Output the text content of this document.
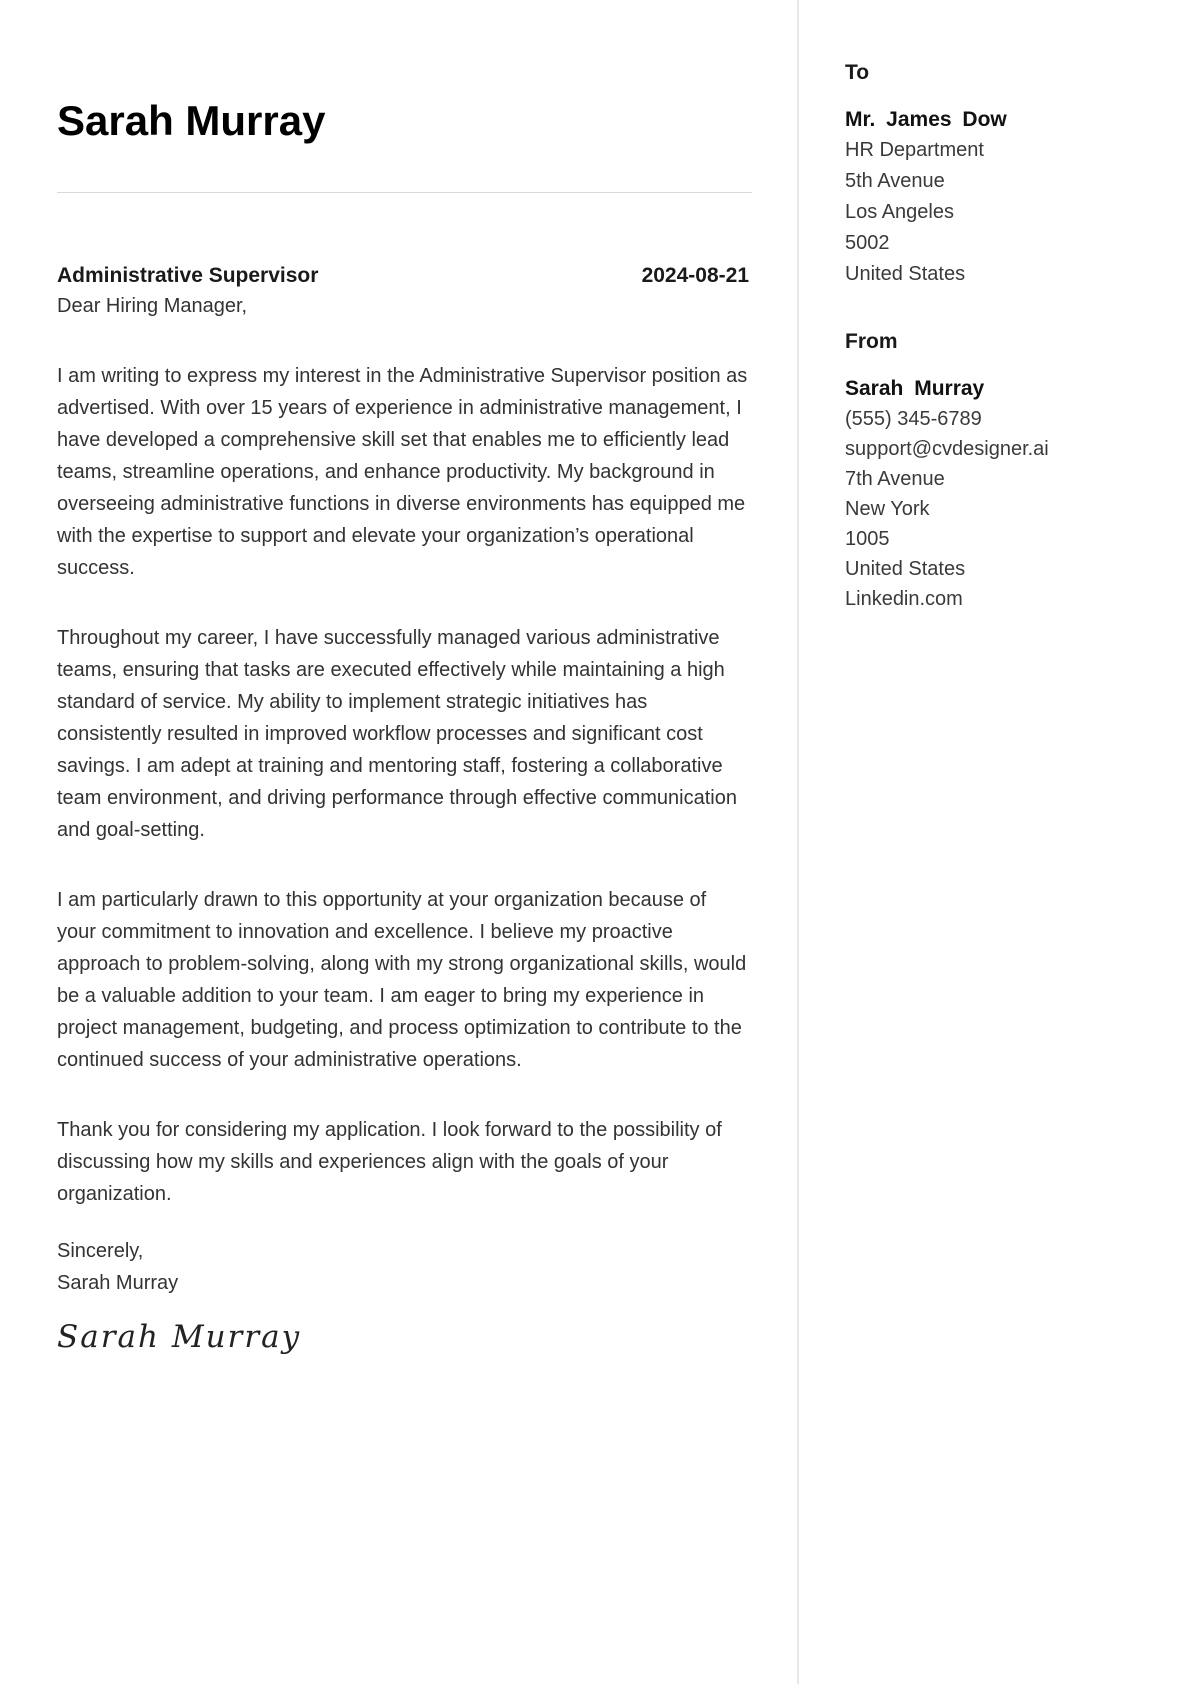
Sarah Murray
Administrative Supervisor	2024-08-21

Dear Hiring Manager,

I am writing to express my interest in the Administrative Supervisor position as advertised. With over 15 years of experience in administrative management, I have developed a comprehensive skill set that enables me to efficiently lead teams, streamline operations, and enhance productivity. My background in overseeing administrative functions in diverse environments has equipped me with the expertise to support and elevate your organization’s operational success.

Throughout my career, I have successfully managed various administrative teams, ensuring that tasks are executed effectively while maintaining a high standard of service. My ability to implement strategic initiatives has consistently resulted in improved workflow processes and significant cost savings. I am adept at training and mentoring staff, fostering a collaborative team environment, and driving performance through effective communication and goal-setting.

I am particularly drawn to this opportunity at your organization because of your commitment to innovation and excellence. I believe my proactive approach to problem-solving, along with my strong organizational skills, would be a valuable addition to your team. I am eager to bring my experience in project management, budgeting, and process optimization to contribute to the continued success of your administrative operations.

Thank you for considering my application. I look forward to the possibility of discussing how my skills and experiences align with the goals of your organization.

Sincerely,

Sarah Murray

Sarah Murray

To

Mr. James Dow

HR Department

5th Avenue

Los Angeles

5002

United States

From

Sarah Murray

(555) 345-6789

support@cvdesigner.ai

7th Avenue

New York

1005

United States

Linkedin.com
